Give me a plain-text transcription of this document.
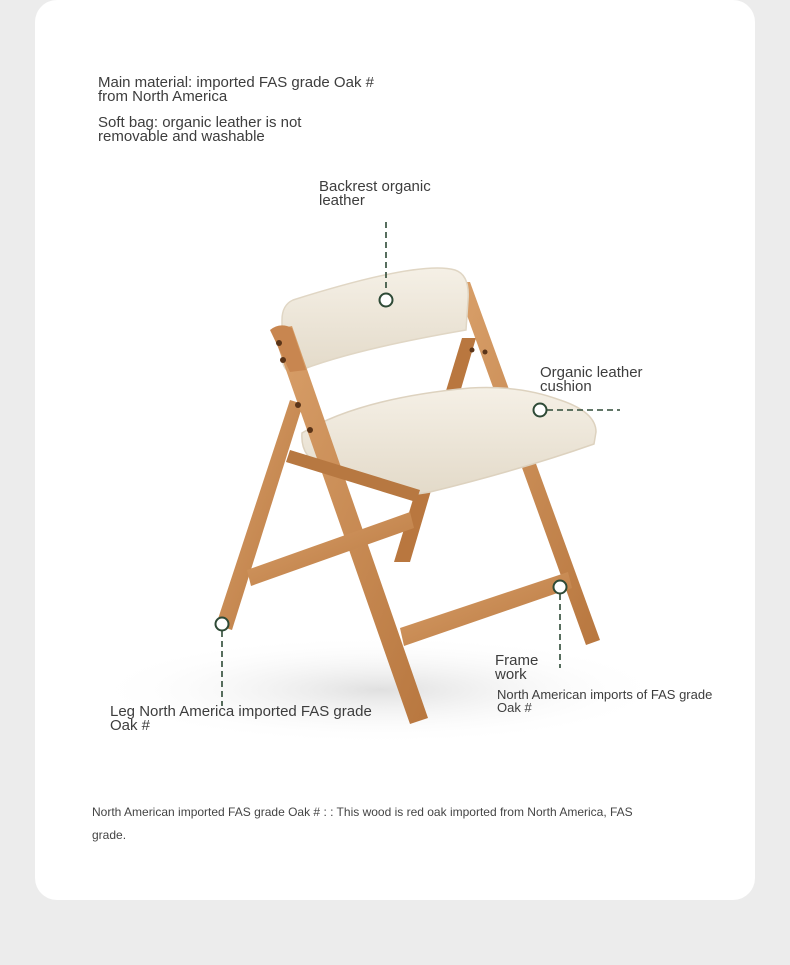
Main material: imported FAS grade Oak #
from North America
Soft bag: organic leather is not
removable and washable
Backrest organic
leather
Organic leather
cushion
Frame
work
North American imports of FAS grade
Oak #
Leg North America imported FAS grade
Oak #
North American imported FAS grade Oak # : : This wood is red oak imported from North America, FAS
grade.
